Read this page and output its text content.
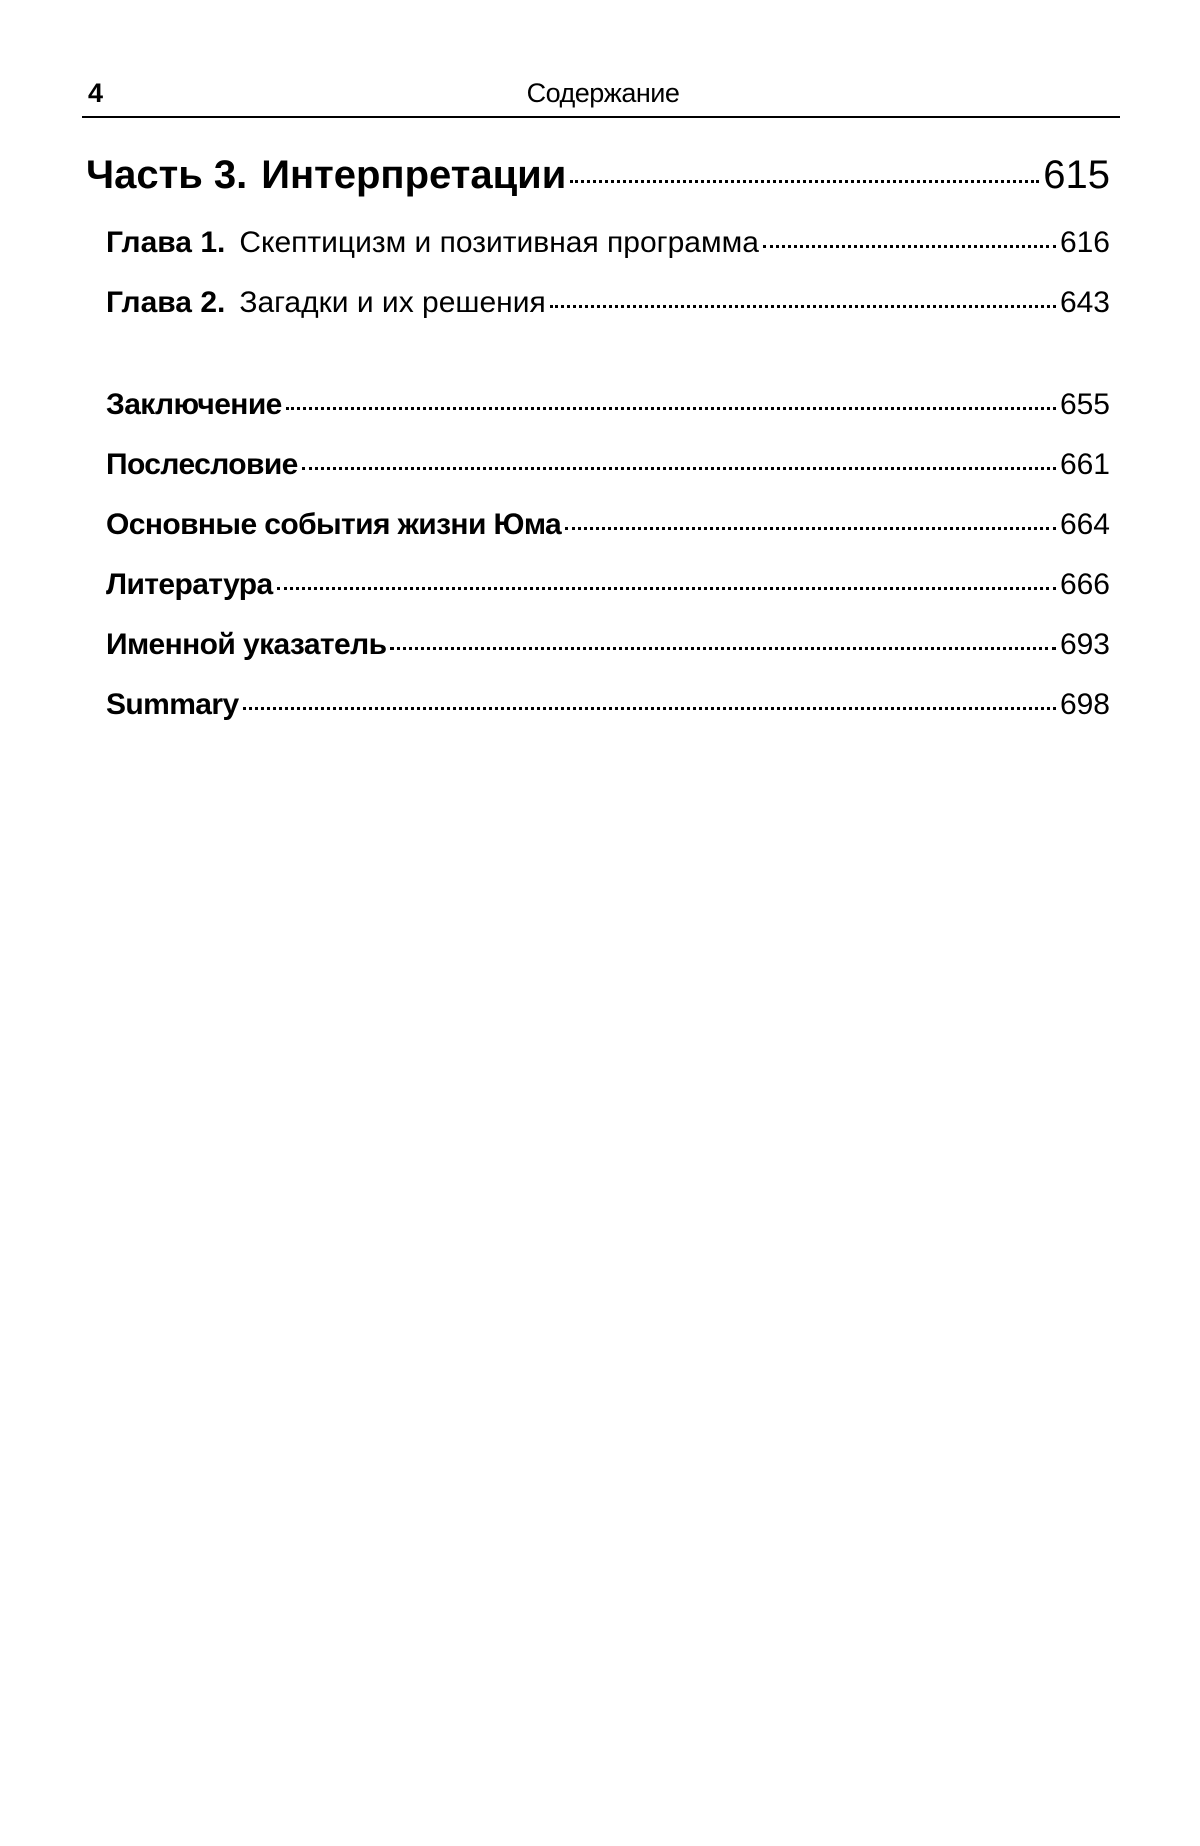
4	Содержание
Часть 3. Интерпретации	615
Глава 1. Скептицизм и позитивная программа	616
Глава 2. Загадки и их решения	643
Заключение	655
Послесловие	661
Основные события жизни Юма	664
Литература	666
Именной указатель	693
Summary	698
